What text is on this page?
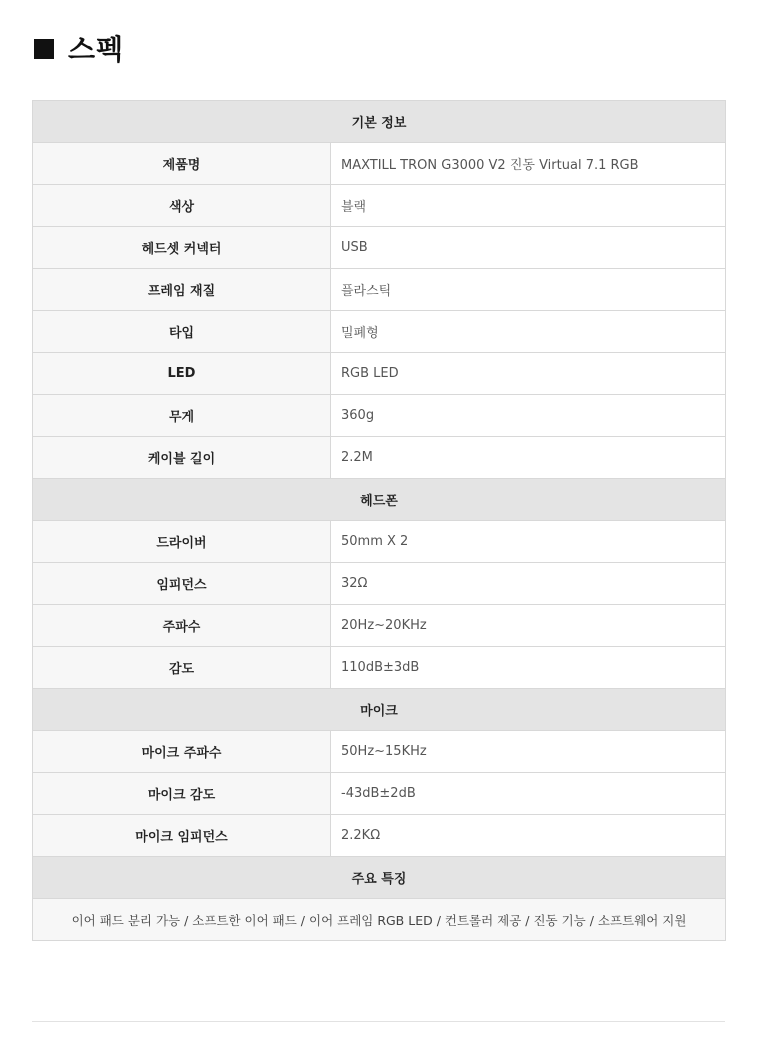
스펙
기본 정보	
제품명	MAXTILL TRON G3000 V2 진동 Virtual 7.1 RGB
색상	블랙
헤드셋 커넥터	USB
프레임 재질	플라스틱
타입	밀폐형
LED	RGB LED
무게	360g
케이블 길이	2.2M
헤드폰	
드라이버	50mm X 2
임피던스	32Ω
주파수	20Hz~20KHz
감도	110dB±3dB
마이크	
마이크 주파수	50Hz~15KHz
마이크 감도	-43dB±2dB
마이크 임피던스	2.2KΩ
주요 특징	
이어 패드 분리 가능 / 소프트한 이어 패드 / 이어 프레임 RGB LED / 컨트롤러 제공 / 진동 기능 / 소프트웨어 지원	
